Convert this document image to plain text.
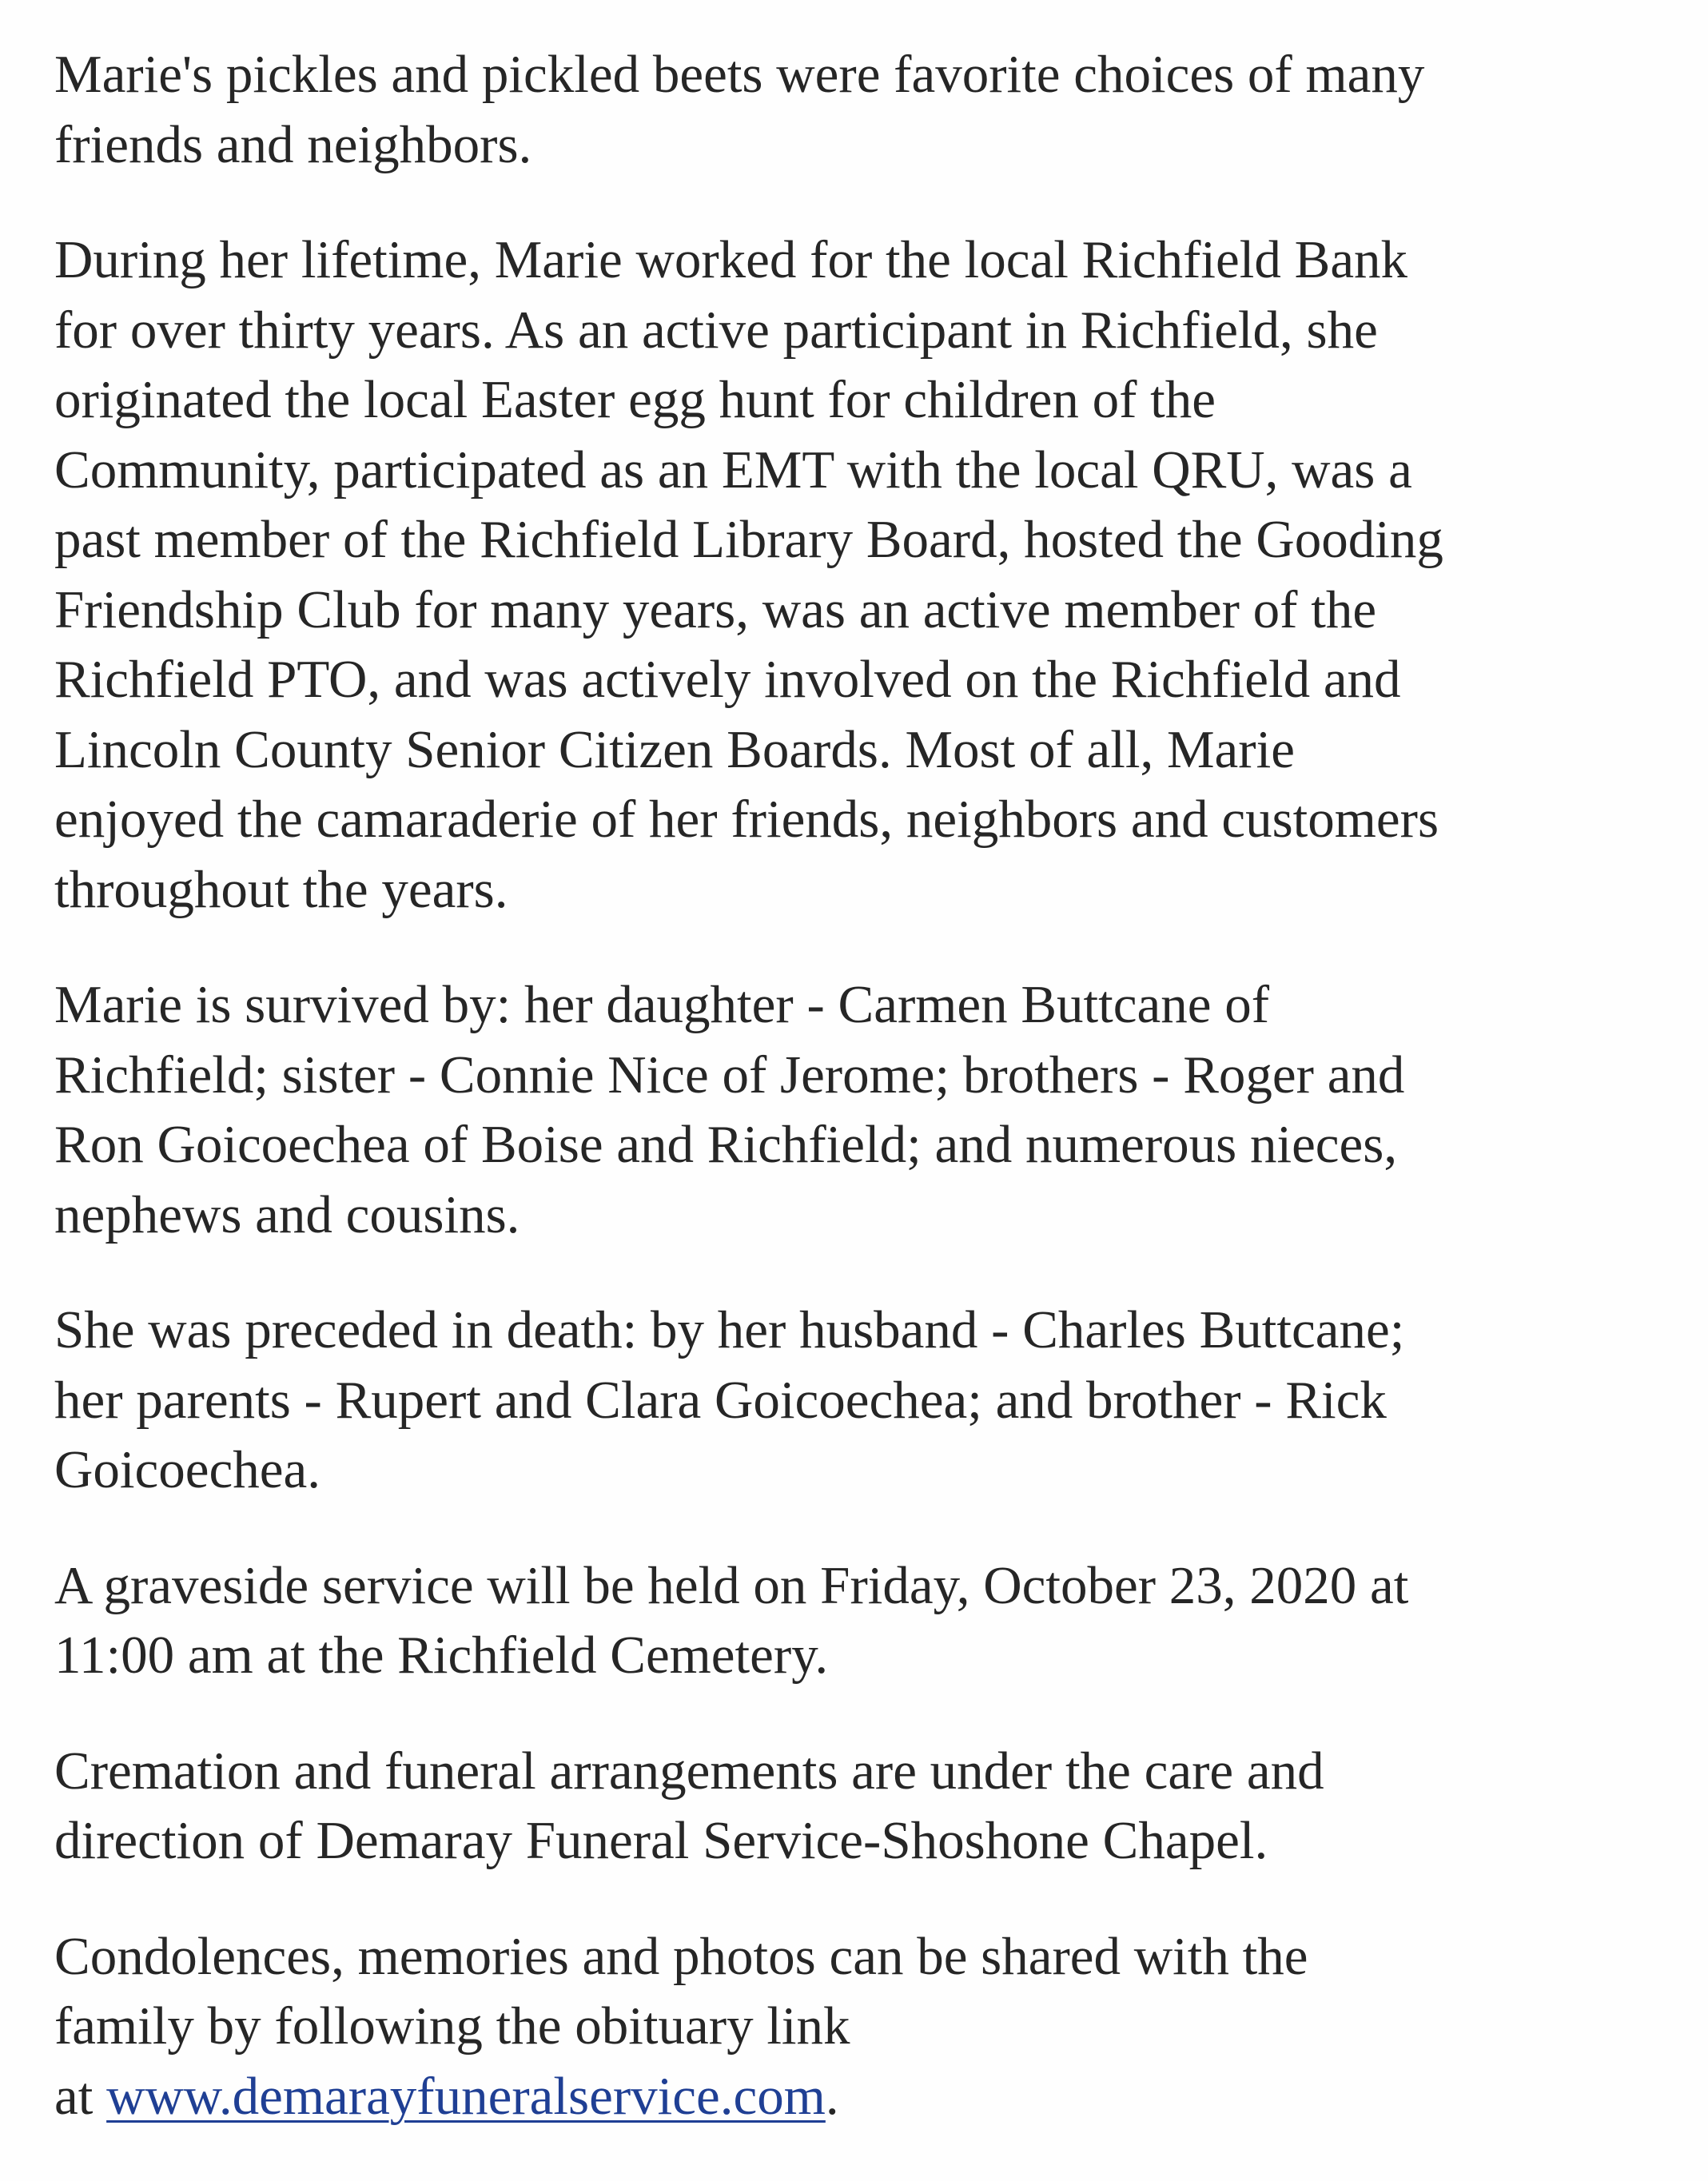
Marie's pickles and pickled beets were favorite choices of many
friends and neighbors.

During her lifetime, Marie worked for the local Richfield Bank
for over thirty years. As an active participant in Richfield, she
originated the local Easter egg hunt for children of the
Community, participated as an EMT with the local QRU, was a
past member of the Richfield Library Board, hosted the Gooding
Friendship Club for many years, was an active member of the
Richfield PTO, and was actively involved on the Richfield and
Lincoln County Senior Citizen Boards. Most of all, Marie
enjoyed the camaraderie of her friends, neighbors and customers
throughout the years.

Marie is survived by: her daughter - Carmen Buttcane of
Richfield; sister - Connie Nice of Jerome; brothers - Roger and
Ron Goicoechea of Boise and Richfield; and numerous nieces,
nephews and cousins.

She was preceded in death: by her husband - Charles Buttcane;
her parents - Rupert and Clara Goicoechea; and brother - Rick
Goicoechea.

A graveside service will be held on Friday, October 23, 2020 at
11:00 am at the Richfield Cemetery.

Cremation and funeral arrangements are under the care and
direction of Demaray Funeral Service-Shoshone Chapel.

Condolences, memories and photos can be shared with the
family by following the obituary link
at www.demarayfuneralservice.com.
